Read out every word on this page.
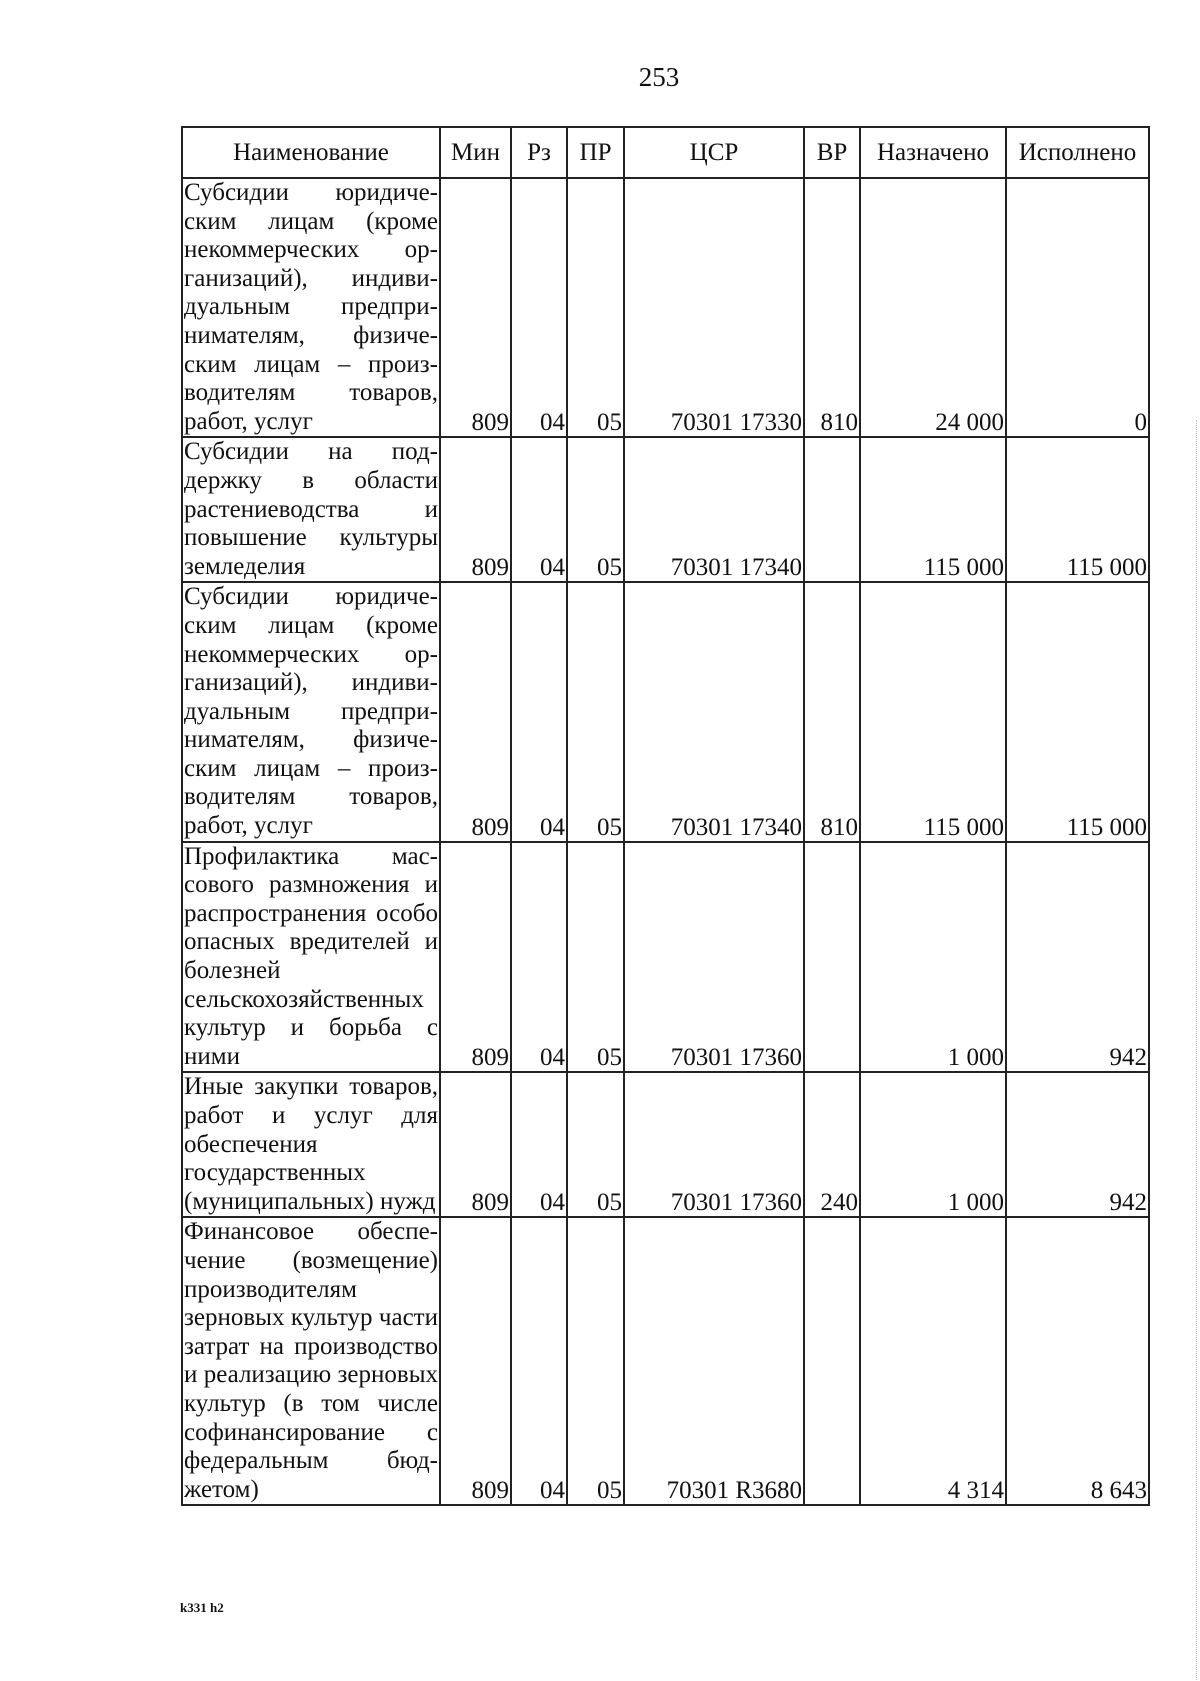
253
Наименование	Мин	Рз	ПР	ЦСР	ВР	Назначено	Исполнено
Субсидии юридическим лицам (кроме некоммерческих организаций), индивидуальным предпринимателям, физическим лицам – производителям товаров, работ, услуг	809	04	05	70301 17330	810	24 000	0
Субсидии на поддержку в области растениеводства и повышение культуры земледелия	809	04	05	70301 17340		115 000	115 000
Субсидии юридическим лицам (кроме некоммерческих организаций), индивидуальным предпринимателям, физическим лицам – производителям товаров, работ, услуг	809	04	05	70301 17340	810	115 000	115 000
Профилактика массового размножения и распространения особо опасных вредителей и болезней сельскохозяйственных культур и борьба с ними	809	04	05	70301 17360		1 000	942
Иные закупки товаров, работ и услуг для обеспечения государственных (муниципальных) нужд	809	04	05	70301 17360	240	1 000	942
Финансовое обеспечение (возмещение) производителям зерновых культур части затрат на производство и реализацию зерновых культур (в том числе софинансирование с федеральным бюджетом)	809	04	05	70301 R3680		4 314	8 643
k331 h2
